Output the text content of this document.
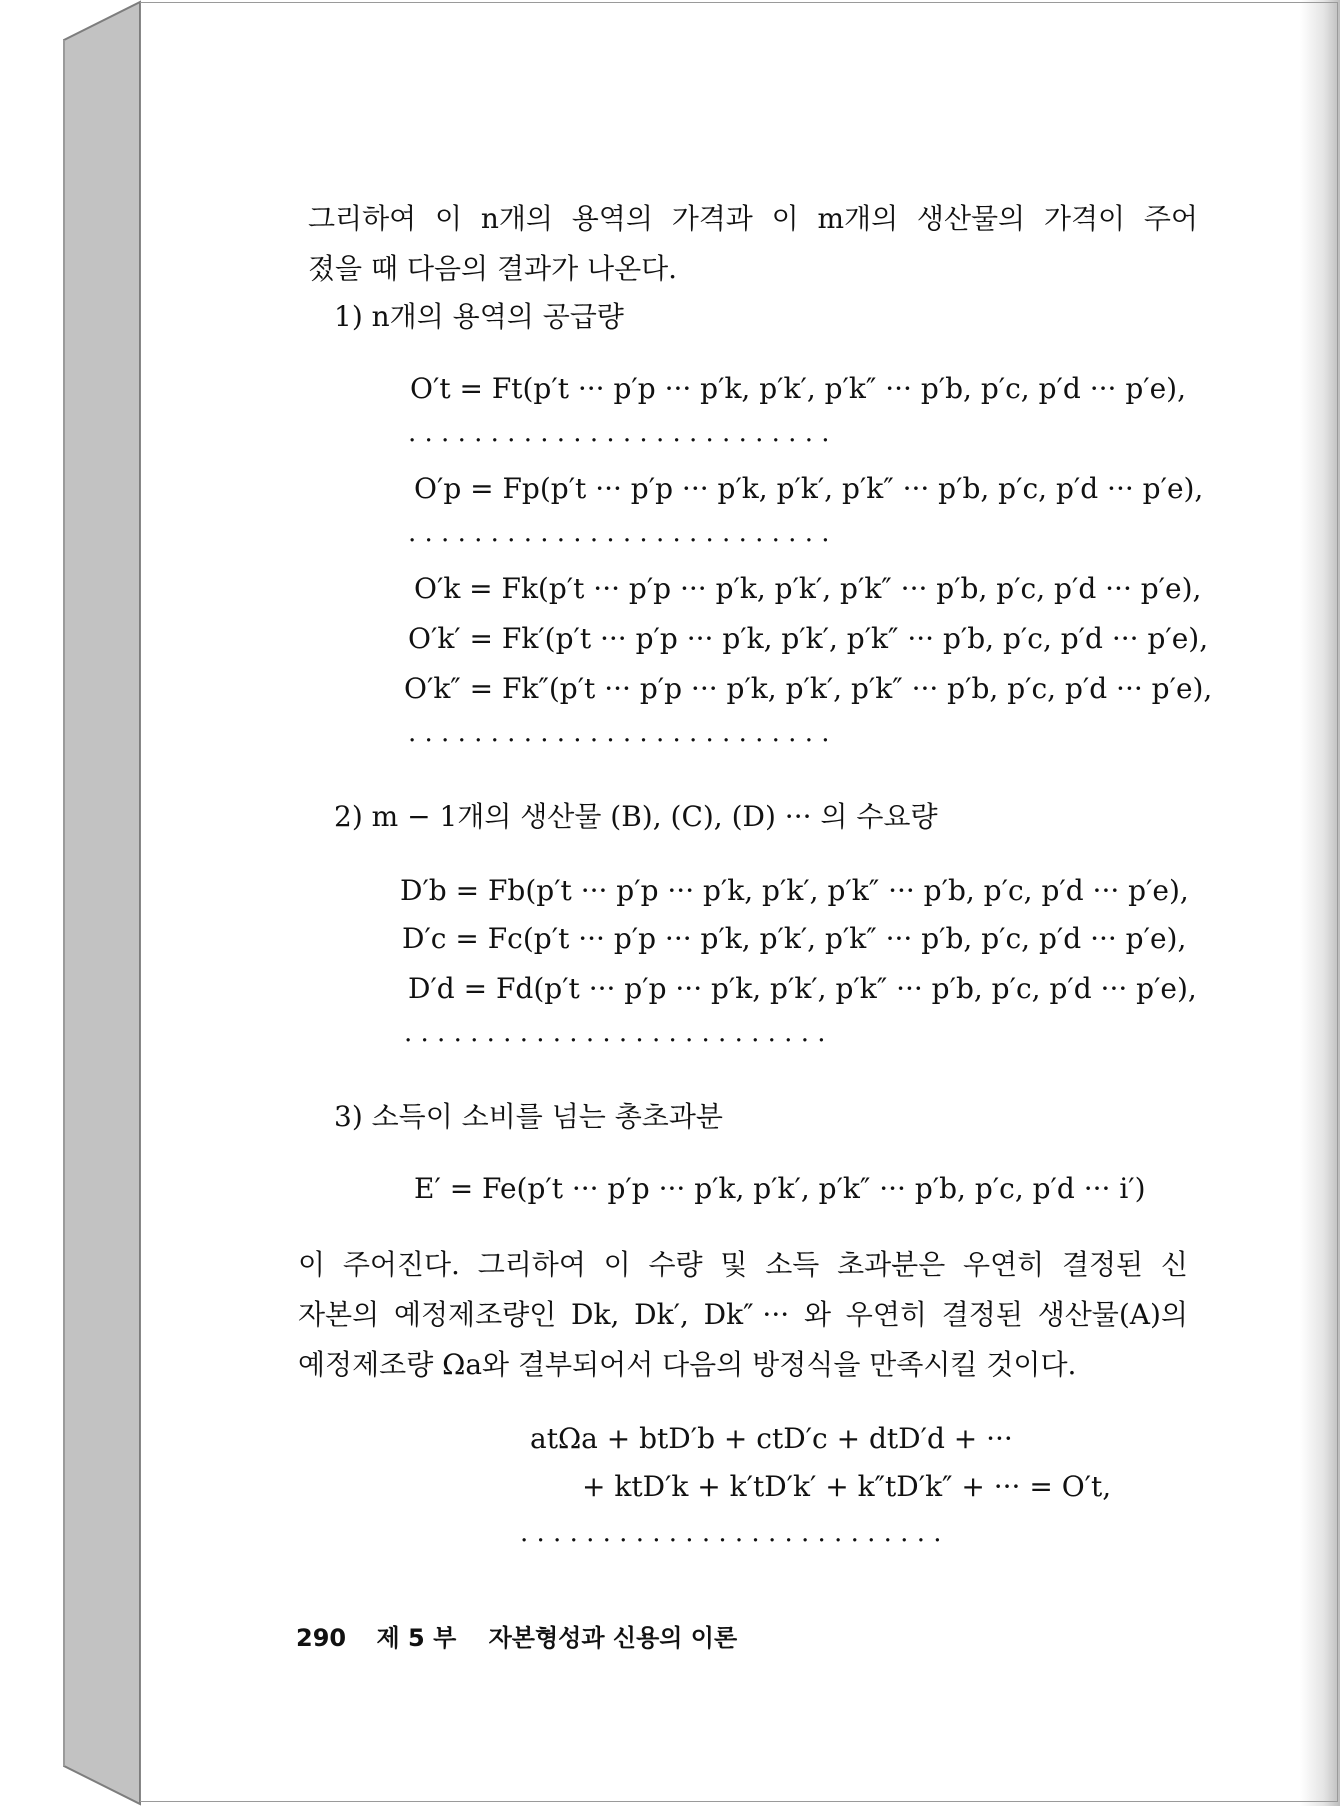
그리하여 이 n개의 용역의 가격과 이 m개의 생산물의 가격이 주어
졌을 때 다음의 결과가 나온다.
1) n개의 용역의 공급량
O′t = Ft(p′t ··· p′p ··· p′k, p′k′, p′k″ ··· p′b, p′c, p′d ··· p′e),
. . . . . . . . . . . . . . . . . . . . . . . . . .
O′p = Fp(p′t ··· p′p ··· p′k, p′k′, p′k″ ··· p′b, p′c, p′d ··· p′e),
. . . . . . . . . . . . . . . . . . . . . . . . . .
O′k = Fk(p′t ··· p′p ··· p′k, p′k′, p′k″ ··· p′b, p′c, p′d ··· p′e),
O′k′ = Fk′(p′t ··· p′p ··· p′k, p′k′, p′k″ ··· p′b, p′c, p′d ··· p′e),
O′k″ = Fk″(p′t ··· p′p ··· p′k, p′k′, p′k″ ··· p′b, p′c, p′d ··· p′e),
. . . . . . . . . . . . . . . . . . . . . . . . . .
2) m − 1개의 생산물 (B), (C), (D) ··· 의 수요량
D′b = Fb(p′t ··· p′p ··· p′k, p′k′, p′k″ ··· p′b, p′c, p′d ··· p′e),
D′c = Fc(p′t ··· p′p ··· p′k, p′k′, p′k″ ··· p′b, p′c, p′d ··· p′e),
D′d = Fd(p′t ··· p′p ··· p′k, p′k′, p′k″ ··· p′b, p′c, p′d ··· p′e),
. . . . . . . . . . . . . . . . . . . . . . . . . .
3) 소득이 소비를 넘는 총초과분
E′ = Fe(p′t ··· p′p ··· p′k, p′k′, p′k″ ··· p′b, p′c, p′d ··· i′)
이 주어진다. 그리하여 이 수량 및 소득 초과분은 우연히 결정된 신
자본의 예정제조량인 Dk, Dk′, Dk″ ··· 와 우연히 결정된 생산물(A)의
예정제조량 Ωa와 결부되어서 다음의 방정식을 만족시킬 것이다.
atΩa + btD′b + ctD′c + dtD′d + ···
+ ktD′k + k′tD′k′ + k″tD′k″ + ··· = O′t,
. . . . . . . . . . . . . . . . . . . . . . . . . .
290 제 5 부 자본형성과 신용의 이론
